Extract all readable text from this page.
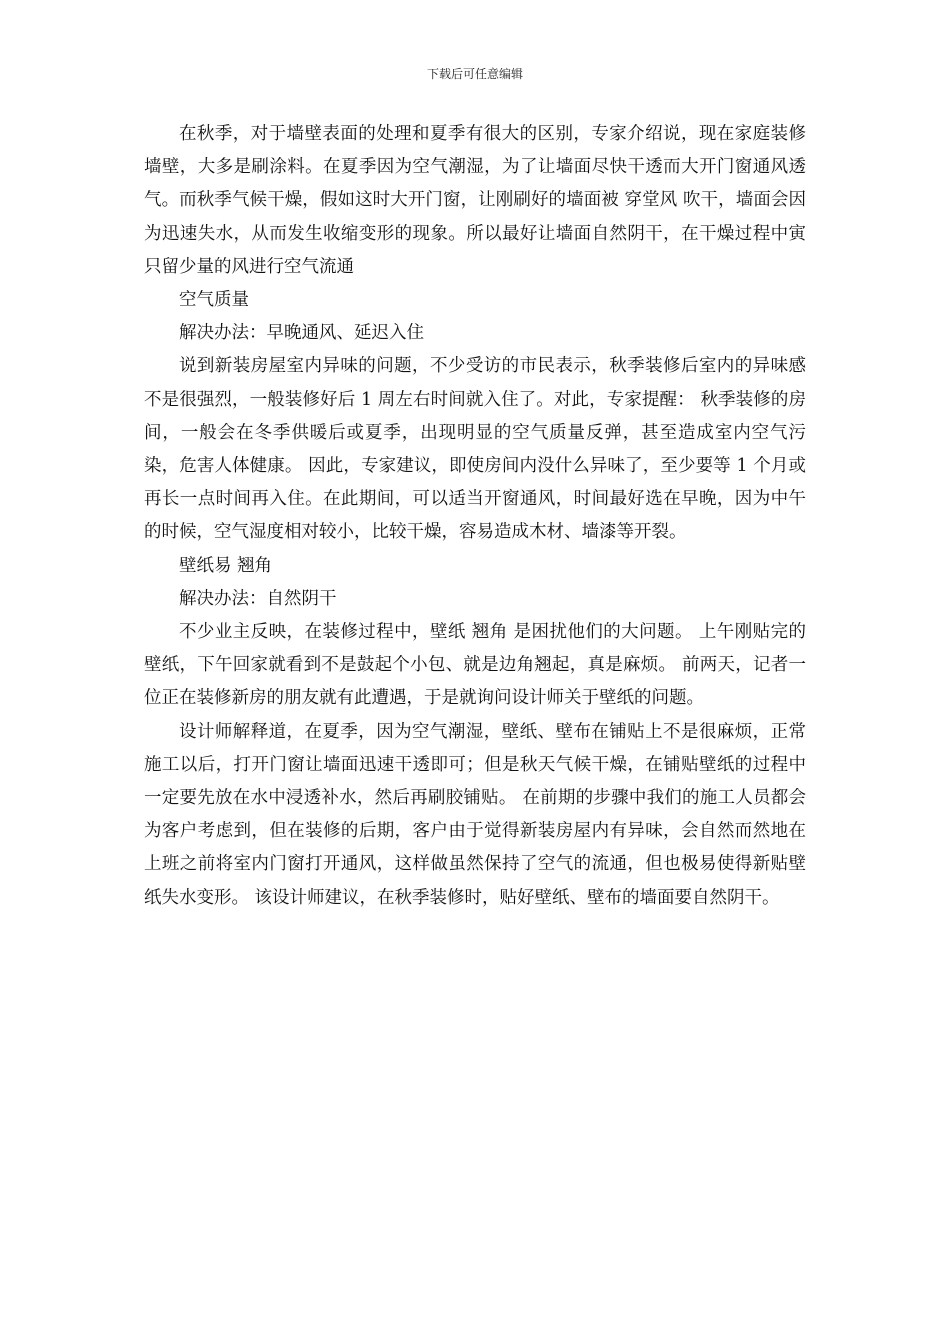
下载后可任意编辑

在秋季，对于墙壁表面的处理和夏季有很大的区别，专家介绍说，现在家庭装修墙壁，大多是刷涂料。在夏季因为空气潮湿，为了让墙面尽快干透而大开门窗通风透气。而秋季气候干燥，假如这时大开门窗，让刚刷好的墙面被 穿堂风 吹干，墙面会因为迅速失水，从而发生收缩变形的现象。所以最好让墙面自然阴干，在干燥过程中寅只留少量的风进行空气流通

空气质量

解决办法：早晚通风、延迟入住

说到新装房屋室内异味的问题，不少受访的市民表示，秋季装修后室内的异味感不是很强烈，一般装修好后 1 周左右时间就入住了。对此，专家提醒： 秋季装修的房间，一般会在冬季供暖后或夏季，出现明显的空气质量反弹，甚至造成室内空气污染，危害人体健康。 因此，专家建议，即使房间内没什么异味了，至少要等 1 个月或再长一点时间再入住。在此期间，可以适当开窗通风，时间最好选在早晚，因为中午的时候，空气湿度相对较小，比较干燥，容易造成木材、墙漆等开裂。

壁纸易 翘角

解决办法：自然阴干

不少业主反映，在装修过程中，壁纸 翘角 是困扰他们的大问题。 上午刚贴完的壁纸，下午回家就看到不是鼓起个小包、就是边角翘起，真是麻烦。 前两天，记者一位正在装修新房的朋友就有此遭遇，于是就询问设计师关于壁纸的问题。

设计师解释道，在夏季，因为空气潮湿，壁纸、壁布在铺贴上不是很麻烦，正常施工以后，打开门窗让墙面迅速干透即可；但是秋天气候干燥，在铺贴壁纸的过程中一定要先放在水中浸透补水，然后再刷胶铺贴。 在前期的步骤中我们的施工人员都会为客户考虑到，但在装修的后期，客户由于觉得新装房屋内有异味，会自然而然地在上班之前将室内门窗打开通风，这样做虽然保持了空气的流通，但也极易使得新贴壁纸失水变形。 该设计师建议，在秋季装修时，贴好壁纸、壁布的墙面要自然阴干。
